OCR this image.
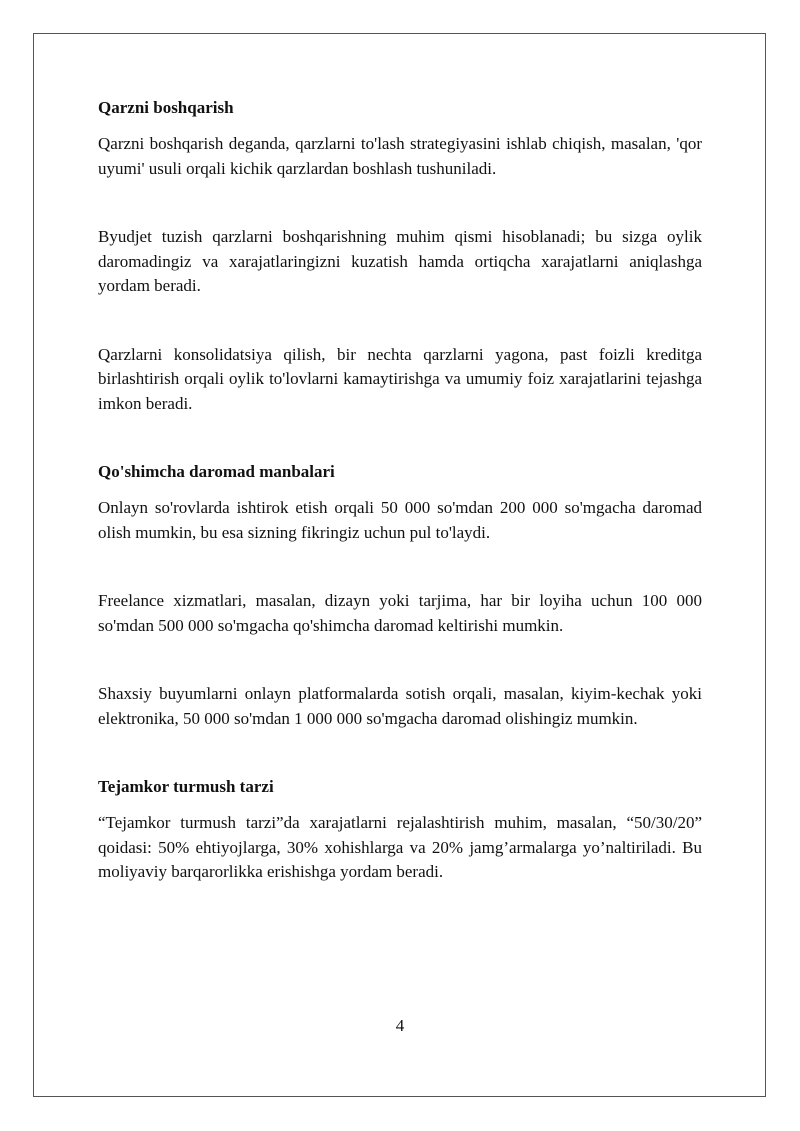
Qarzni boshqarish

Qarzni boshqarish deganda, qarzlarni to'lash strategiyasini ishlab chiqish, masalan, 'qor uyumi' usuli orqali kichik qarzlardan boshlash tushuniladi.

Byudjet tuzish qarzlarni boshqarishning muhim qismi hisoblanadi; bu sizga oylik daromadingiz va xarajatlaringizni kuzatish hamda ortiqcha xarajatlarni aniqlashga yordam beradi.

Qarzlarni konsolidatsiya qilish, bir nechta qarzlarni yagona, past foizli kreditga birlashtirish orqali oylik to'lovlarni kamaytirishga va umumiy foiz xarajatlarini tejashga imkon beradi.

Qo'shimcha daromad manbalari

Onlayn so'rovlarda ishtirok etish orqali 50 000 so'mdan 200 000 so'mgacha daromad olish mumkin, bu esa sizning fikringiz uchun pul to'laydi.

Freelance xizmatlari, masalan, dizayn yoki tarjima, har bir loyiha uchun 100 000 so'mdan 500 000 so'mgacha qo'shimcha daromad keltirishi mumkin.

Shaxsiy buyumlarni onlayn platformalarda sotish orqali, masalan, kiyim-kechak yoki elektronika, 50 000 so'mdan 1 000 000 so'mgacha daromad olishingiz mumkin.

Tejamkor turmush tarzi

“Tejamkor turmush tarzi”da xarajatlarni rejalashtirish muhim, masalan, “50/30/20” qoidasi: 50% ehtiyojlarga, 30% xohishlarga va 20% jamg’armalarga yo’naltiriladi. Bu moliyaviy barqarorlikka erishishga yordam beradi.

4
